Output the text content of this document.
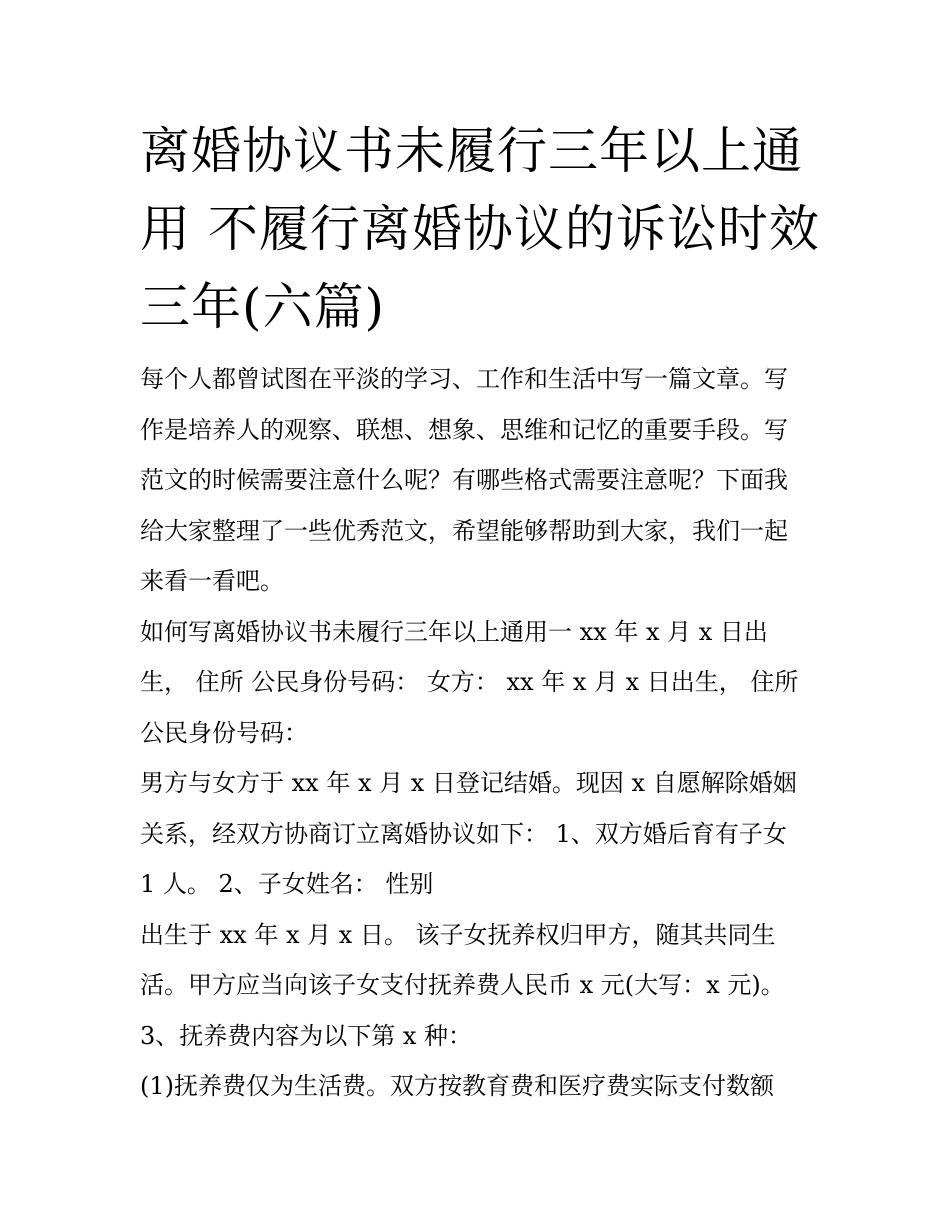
离婚协议书未履行三年以上通
用 不履行离婚协议的诉讼时效
三年(六篇)

每个人都曾试图在平淡的学习、工作和生活中写一篇文章。写
作是培养人的观察、联想、想象、思维和记忆的重要手段。写
范文的时候需要注意什么呢？有哪些格式需要注意呢？下面我
给大家整理了一些优秀范文，希望能够帮助到大家，我们一起
来看一看吧。

如何写离婚协议书未履行三年以上通用一 xx 年 x 月 x 日出
生， 住所 公民身份号码： 女方： xx 年 x 月 x 日出生， 住所
公民身份号码：

男方与女方于 xx 年 x 月 x 日登记结婚。现因 x 自愿解除婚姻
关系，经双方协商订立离婚协议如下： 1、双方婚后育有子女
1 人。 2、子女姓名： 性别

出生于 xx 年 x 月 x 日。 该子女抚养权归甲方，随其共同生
活。甲方应当向该子女支付抚养费人民币 x 元(大写：x 元)。
3、抚养费内容为以下第 x 种：

(1)抚养费仅为生活费。双方按教育费和医疗费实际支付数额
